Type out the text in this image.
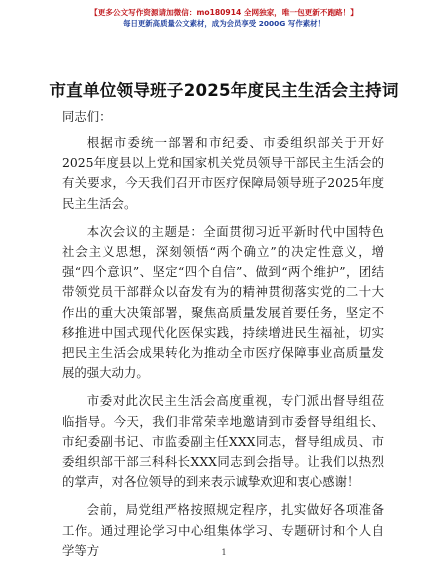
【更多公文写作资源请加微信：mo180914 全网独家，唯一包更新不跑路！】
每日更新高质量公文素材，成为会员享受 2000G 写作素材！
市直单位领导班子2025年度民主生活会主持词

同志们：

根据市委统一部署和市纪委、市委组织部关于开好2025年度县以上党和国家机关党员领导干部民主生活会的有关要求，今天我们召开市医疗保障局领导班子2025年度民主生活会。

本次会议的主题是：全面贯彻习近平新时代中国特色社会主义思想，深刻领悟“两个确立”的决定性意义，增强“四个意识”、坚定“四个自信”、做到“两个维护”，团结带领党员干部群众以奋发有为的精神贯彻落实党的二十大作出的重大决策部署，聚焦高质量发展首要任务，坚定不移推进中国式现代化医保实践，持续增进民生福祉，切实把民主生活会成果转化为推动全市医疗保障事业高质量发展的强大动力。

市委对此次民主生活会高度重视，专门派出督导组莅临指导。今天，我们非常荣幸地邀请到市委督导组组长、市纪委副书记、市监委副主任XXX同志，督导组成员、市委组织部干部三科科长XXX同志到会指导。让我们以热烈的掌声，对各位领导的到来表示诚挚欢迎和衷心感谢！

会前，局党组严格按照规定程序，扎实做好各项准备工作。通过理论学习中心组集体学习、专题研讨和个人自学等方	1
